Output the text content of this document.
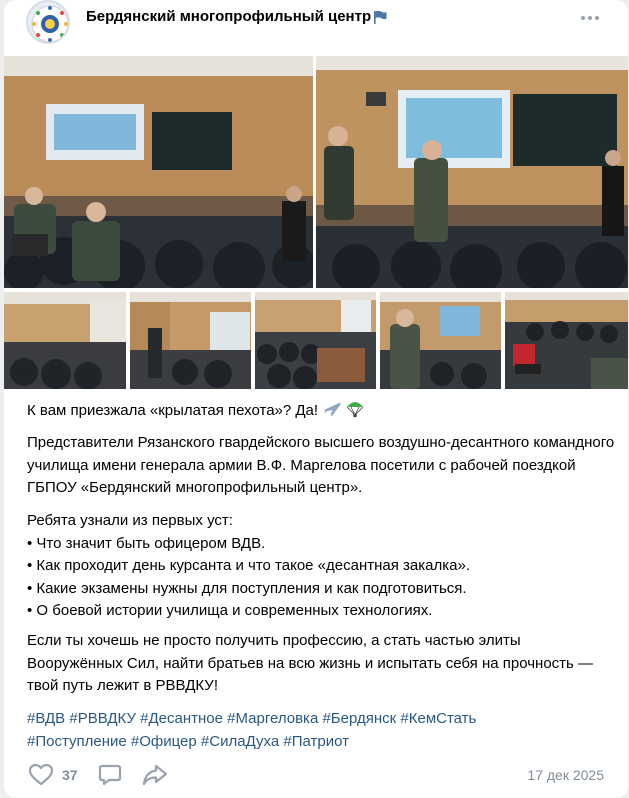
Бердянский многопрофильный центр
К вам приезжала «крылатая пехота»? Да!
Представители Рязанского гвардейского высшего воздушно-десантного командного училища имени генерала армии В.Ф. Маргелова посетили с рабочей поездкой ГБПОУ «Бердянский многопрофильный центр».
Ребята узнали из первых уст:
• Что значит быть офицером ВДВ.
• Как проходит день курсанта и что такое «десантная закалка».
• Какие экзамены нужны для поступления и как подготовиться.
• О боевой истории училища и современных технологиях.
Если ты хочешь не просто получить профессию, а стать частью элиты Вооружённых Сил, найти братьев на всю жизнь и испытать себя на прочность — твой путь лежит в РВВДКУ!
#ВДВ #РВВДКУ #Десантное #Маргеловка #Бердянск #КемСтать
#Поступление #Офицер #СилаДуха #Патриот
37	17 дек 2025
